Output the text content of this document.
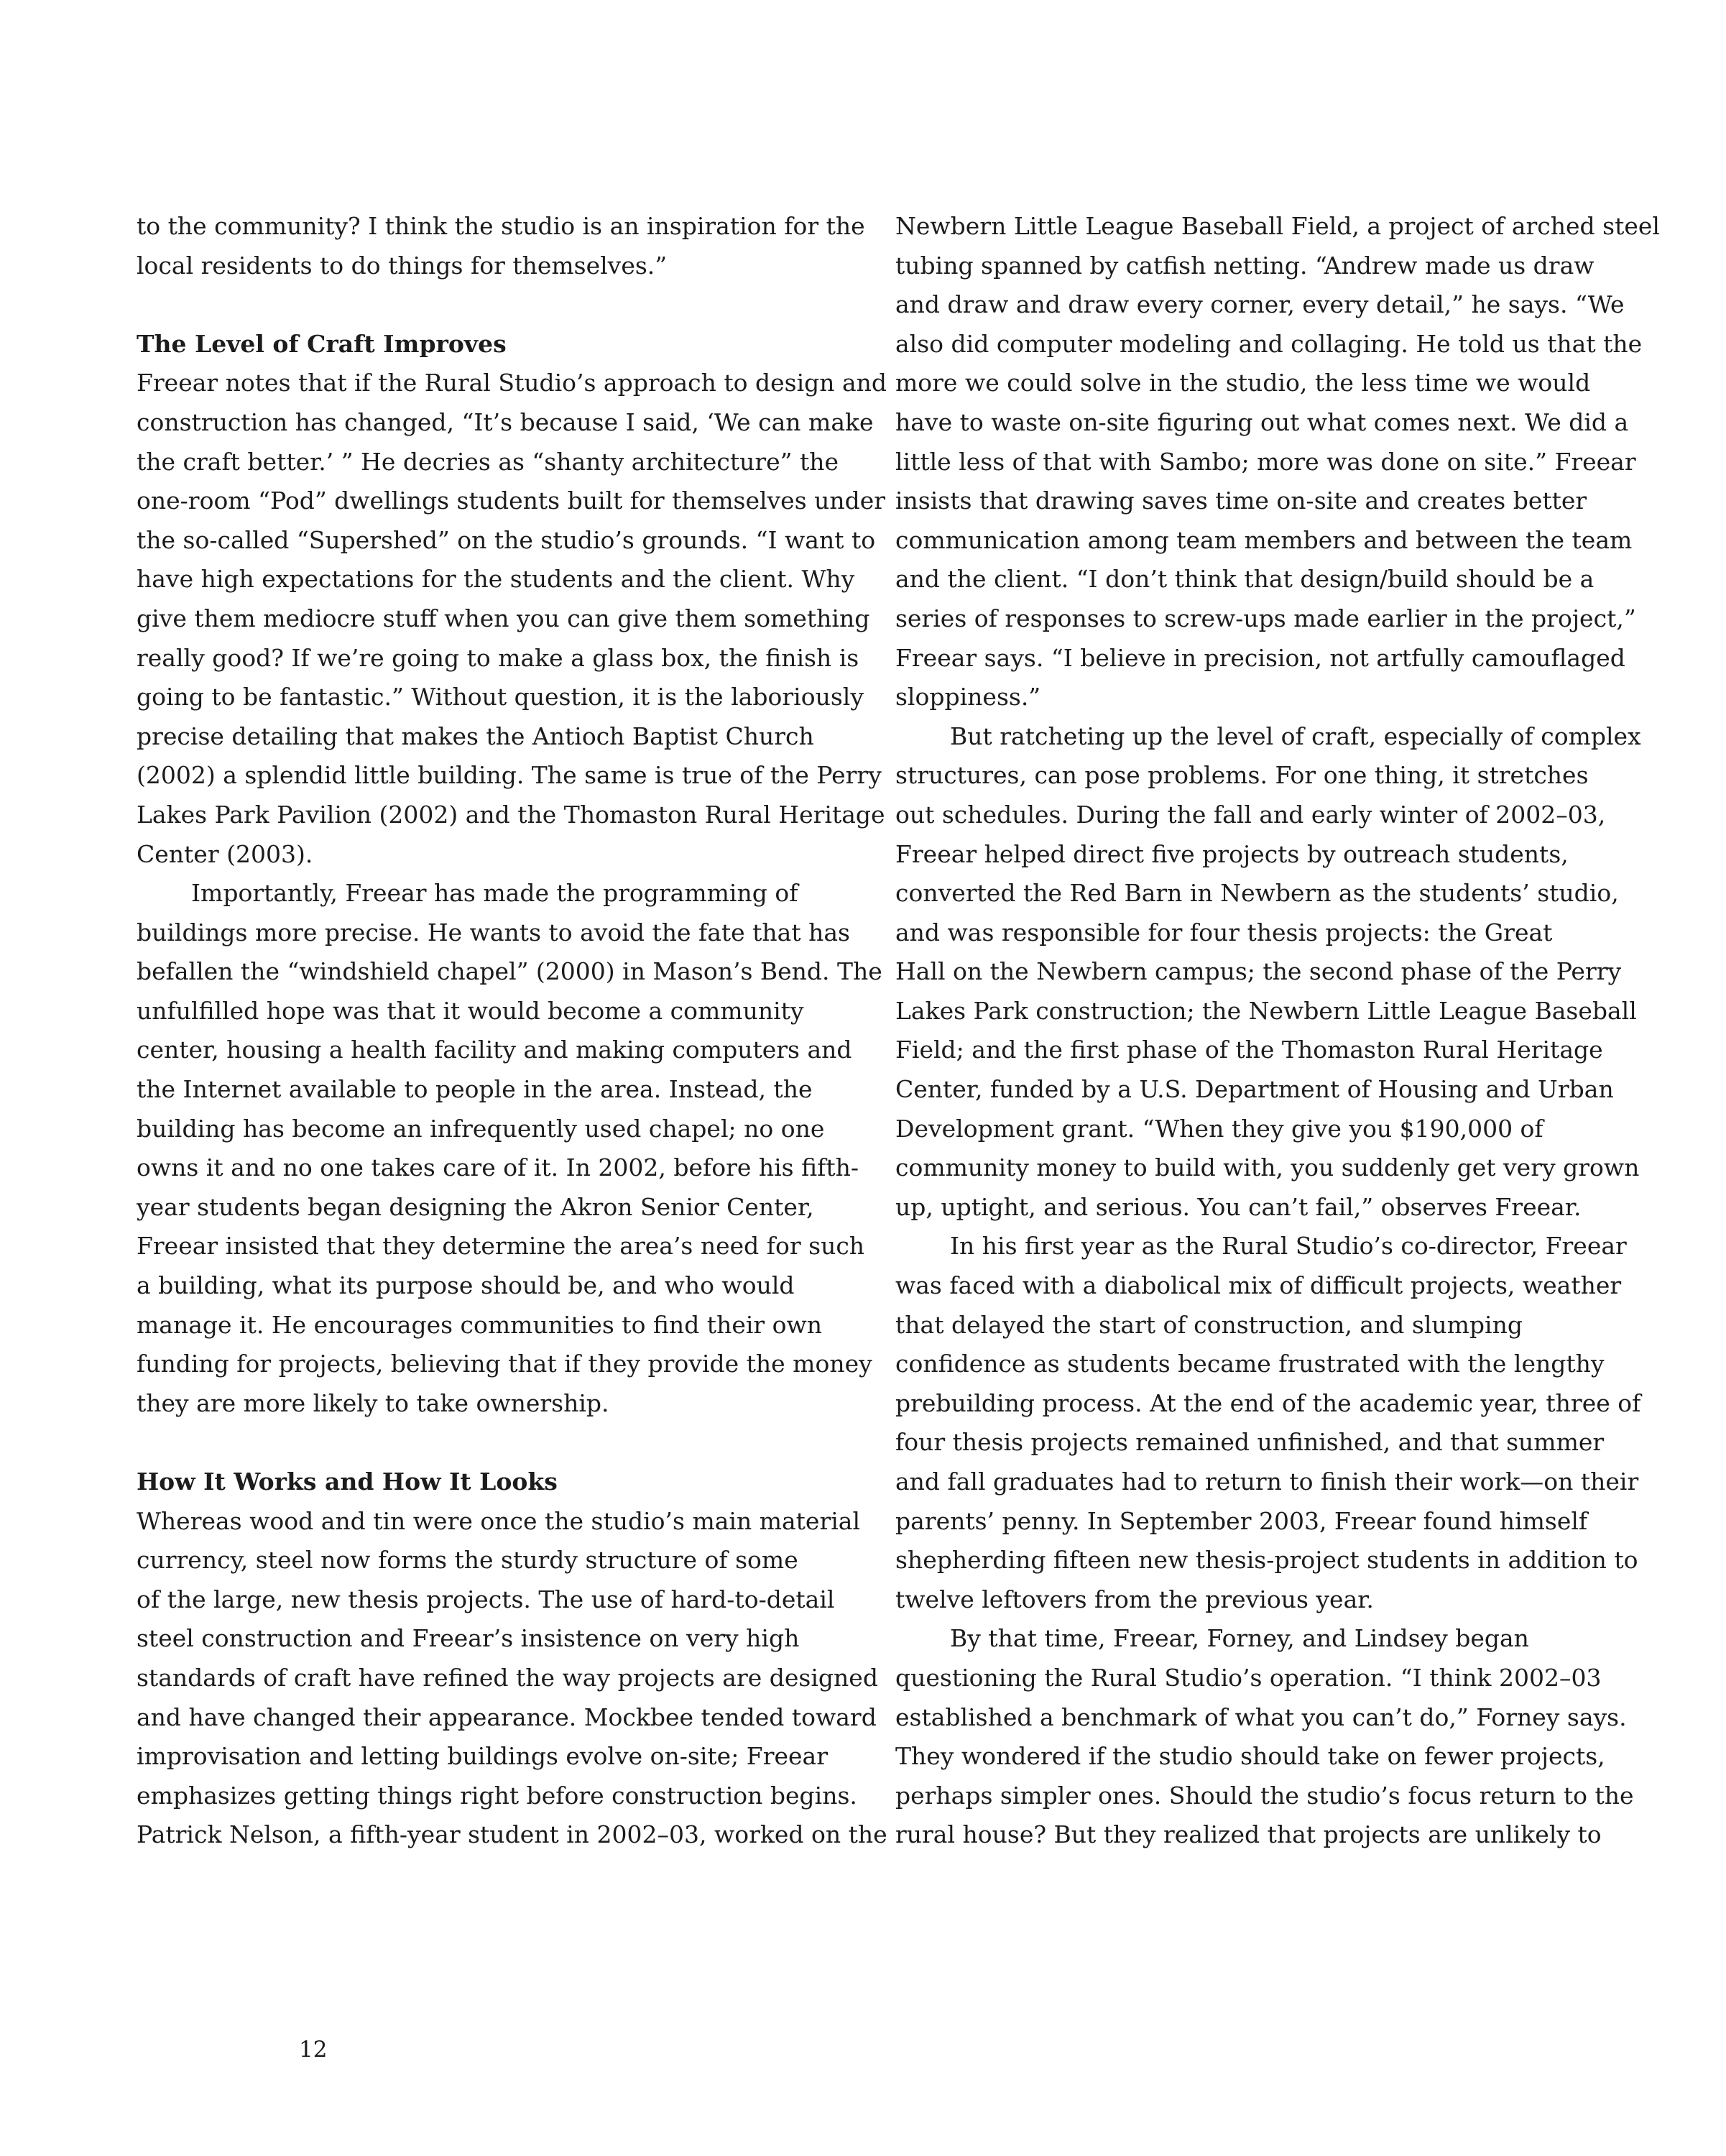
to the community? I think the studio is an inspiration for the
local residents to do things for themselves.”
The Level of Craft Improves
Freear notes that if the Rural Studio’s approach to design and
construction has changed, “It’s because I said, ‘We can make
the craft better.’ ” He decries as “shanty architecture” the
one-room “Pod” dwellings students built for themselves under
the so-called “Supershed” on the studio’s grounds. “I want to
have high expectations for the students and the client. Why
give them mediocre stuff when you can give them something
really good? If we’re going to make a glass box, the finish is
going to be fantastic.” Without question, it is the laboriously
precise detailing that makes the Antioch Baptist Church
(2002) a splendid little building. The same is true of the Perry
Lakes Park Pavilion (2002) and the Thomaston Rural Heritage
Center (2003).
Importantly, Freear has made the programming of
buildings more precise. He wants to avoid the fate that has
befallen the “windshield chapel” (2000) in Mason’s Bend. The
unfulfilled hope was that it would become a community
center, housing a health facility and making computers and
the Internet available to people in the area. Instead, the
building has become an infrequently used chapel; no one
owns it and no one takes care of it. In 2002, before his fifth-
year students began designing the Akron Senior Center,
Freear insisted that they determine the area’s need for such
a building, what its purpose should be, and who would
manage it. He encourages communities to find their own
funding for projects, believing that if they provide the money
they are more likely to take ownership.
How It Works and How It Looks
Whereas wood and tin were once the studio’s main material
currency, steel now forms the sturdy structure of some
of the large, new thesis projects. The use of hard-to-detail
steel construction and Freear’s insistence on very high
standards of craft have refined the way projects are designed
and have changed their appearance. Mockbee tended toward
improvisation and letting buildings evolve on-site; Freear
emphasizes getting things right before construction begins.
Patrick Nelson, a fifth-year student in 2002–03, worked on the
Newbern Little League Baseball Field, a project of arched steel
tubing spanned by catfish netting. “Andrew made us draw
and draw and draw every corner, every detail,” he says. “We
also did computer modeling and collaging. He told us that the
more we could solve in the studio, the less time we would
have to waste on-site figuring out what comes next. We did a
little less of that with Sambo; more was done on site.” Freear
insists that drawing saves time on-site and creates better
communication among team members and between the team
and the client. “I don’t think that design/build should be a
series of responses to screw-ups made earlier in the project,”
Freear says. “I believe in precision, not artfully camouflaged
sloppiness.”
But ratcheting up the level of craft, especially of complex
structures, can pose problems. For one thing, it stretches
out schedules. During the fall and early winter of 2002–03,
Freear helped direct five projects by outreach students,
converted the Red Barn in Newbern as the students’ studio,
and was responsible for four thesis projects: the Great
Hall on the Newbern campus; the second phase of the Perry
Lakes Park construction; the Newbern Little League Baseball
Field; and the first phase of the Thomaston Rural Heritage
Center, funded by a U.S. Department of Housing and Urban
Development grant. “When they give you $190,000 of
community money to build with, you suddenly get very grown
up, uptight, and serious. You can’t fail,” observes Freear.
In his first year as the Rural Studio’s co-director, Freear
was faced with a diabolical mix of difficult projects, weather
that delayed the start of construction, and slumping
confidence as students became frustrated with the lengthy
prebuilding process. At the end of the academic year, three of
four thesis projects remained unfinished, and that summer
and fall graduates had to return to finish their work—on their
parents’ penny. In September 2003, Freear found himself
shepherding fifteen new thesis-project students in addition to
twelve leftovers from the previous year.
By that time, Freear, Forney, and Lindsey began
questioning the Rural Studio’s operation. “I think 2002–03
established a benchmark of what you can’t do,” Forney says.
They wondered if the studio should take on fewer projects,
perhaps simpler ones. Should the studio’s focus return to the
rural house? But they realized that projects are unlikely to
12
